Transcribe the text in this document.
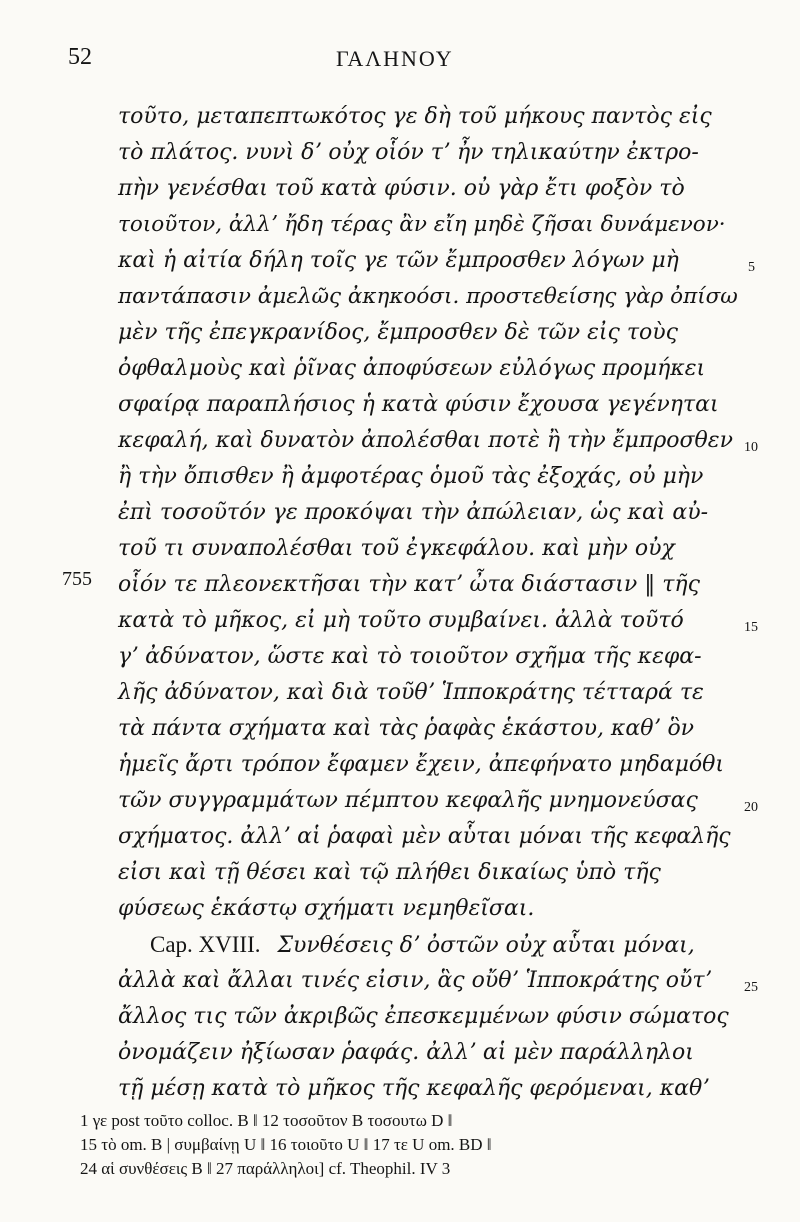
52	ΓΑΛΗΝΟΥ
τοῦτο, μεταπεπτωκότος γε δὴ τοῦ μήκους παντὸς εἰς
τὸ πλάτος. νυνὶ δʼ οὐχ οἷόν τʼ ἦν τηλικαύτην ἐκτρο-
πὴν γενέσθαι τοῦ κατὰ φύσιν. οὐ γὰρ ἔτι φοξὸν τὸ
τοιοῦτον, ἀλλʼ ἤδη τέρας ἂν εἴη μηδὲ ζῆσαι δυνάμενον·
καὶ ἡ αἰτία δήλη τοῖς γε τῶν ἔμπροσθεν λόγων μὴ
παντάπασιν ἀμελῶς ἀκηκοόσι. προστεθείσης γὰρ ὀπίσω
μὲν τῆς ἐπεγκρανίδος, ἔμπροσθεν δὲ τῶν εἰς τοὺς
ὀφθαλμοὺς καὶ ῥῖνας ἀποφύσεων εὐλόγως προμήκει
σφαίρᾳ παραπλήσιος ἡ κατὰ φύσιν ἔχουσα γεγένηται
κεφαλή, καὶ δυνατὸν ἀπολέσθαι ποτὲ ἢ τὴν ἔμπροσθεν
ἢ τὴν ὄπισθεν ἢ ἀμφοτέρας ὁμοῦ τὰς ἐξοχάς, οὐ μὴν
ἐπὶ τοσοῦτόν γε προκόψαι τὴν ἀπώλειαν, ὡς καὶ αὐ-
τοῦ τι συναπολέσθαι τοῦ ἐγκεφάλου. καὶ μὴν οὐχ
755 οἷόν τε πλεονεκτῆσαι τὴν κατʼ ὦτα διάστασιν ‖ τῆς
κατὰ τὸ μῆκος, εἰ μὴ τοῦτο συμβαίνει. ἀλλὰ τοῦτό
γʼ ἀδύνατον, ὥστε καὶ τὸ τοιοῦτον σχῆμα τῆς κεφα-
λῆς ἀδύνατον, καὶ διὰ τοῦθʼ Ἱπποκράτης τέτταρά τε
τὰ πάντα σχήματα καὶ τὰς ῥαφὰς ἑκάστου, καθʼ ὃν
ἡμεῖς ἄρτι τρόπον ἔφαμεν ἔχειν, ἀπεφήνατο μηδαμόθι
τῶν συγγραμμάτων πέμπτου κεφαλῆς μνημονεύσας
σχήματος. ἀλλʼ αἱ ῥαφαὶ μὲν αὗται μόναι τῆς κεφαλῆς
εἰσι καὶ τῇ θέσει καὶ τῷ πλήθει δικαίως ὑπὸ τῆς
φύσεως ἑκάστῳ σχήματι νεμηθεῖσαι.
Cap. XVIII. Συνθέσεις δʼ ὀστῶν οὐχ αὗται μόναι,
ἀλλὰ καὶ ἄλλαι τινές εἰσιν, ἃς οὔθʼ Ἱπποκράτης οὔτʼ
ἄλλος τις τῶν ἀκριβῶς ἐπεσκεμμένων φύσιν σώματος
ὀνομάζειν ἠξίωσαν ῥαφάς. ἀλλʼ αἱ μὲν παράλληλοι
τῇ μέσῃ κατὰ τὸ μῆκος τῆς κεφαλῆς φερόμεναι, καθʼ
5
10
15
20
25
1 γε post τοῦτο colloc. B ‖ 12 τοσοῦτον B τοσουτω D ‖
15 τὸ om. B | συμβαίνῃ U ‖ 16 τοιοῦτο U ‖ 17 τε U om. BD ‖
24 αἱ συνθέσεις B ‖ 27 παράλληλοι] cf. Theophil. IV 3
